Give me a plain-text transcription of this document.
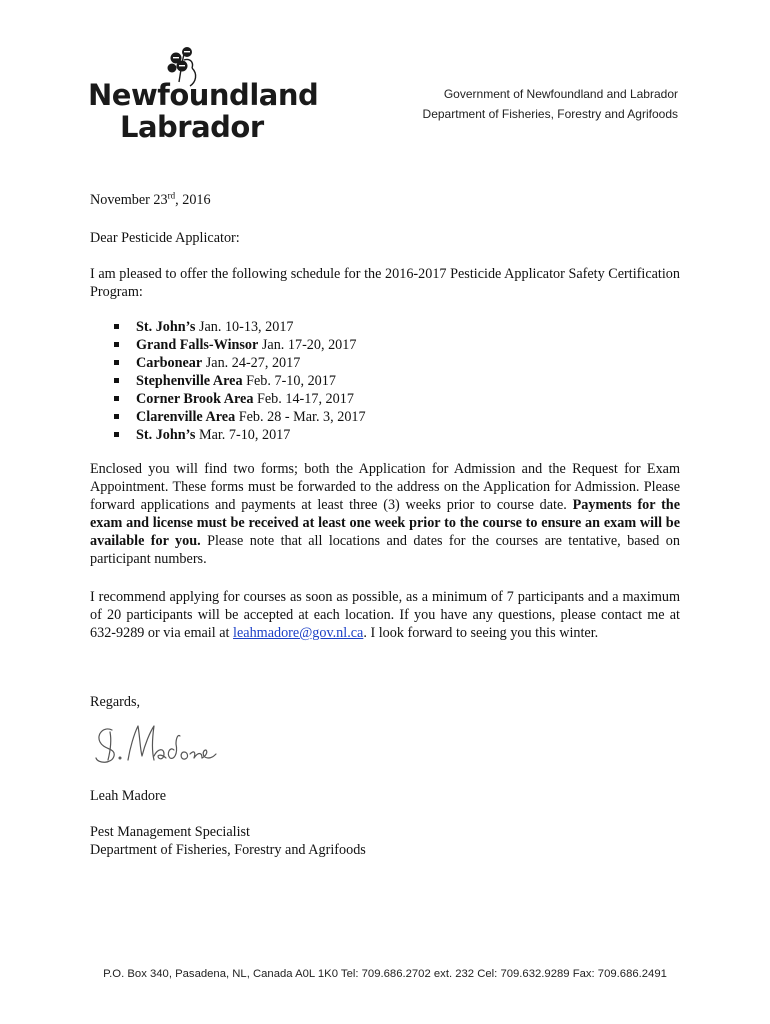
Newfoundland
Labrador
Government of Newfoundland and Labrador
Department of Fisheries, Forestry and Agrifoods
November 23rd, 2016
Dear Pesticide Applicator:
I am pleased to offer the following schedule for the 2016-2017 Pesticide Applicator Safety Certification Program:
St. John’s Jan. 10-13, 2017
Grand Falls-Winsor Jan. 17-20, 2017
Carbonear Jan. 24-27, 2017
Stephenville Area Feb. 7-10, 2017
Corner Brook Area Feb. 14-17, 2017
Clarenville Area Feb. 28 - Mar. 3, 2017
St. John’s Mar. 7-10, 2017
Enclosed you will find two forms; both the Application for Admission and the Request for Exam Appointment. These forms must be forwarded to the address on the Application for Admission. Please forward applications and payments at least three (3) weeks prior to course date. Payments for the exam and license must be received at least one week prior to the course to ensure an exam will be available for you. Please note that all locations and dates for the courses are tentative, based on participant numbers.
I recommend applying for courses as soon as possible, as a minimum of 7 participants and a maximum of 20 participants will be accepted at each location. If you have any questions, please contact me at 632-9289 or via email at leahmadore@gov.nl.ca. I look forward to seeing you this winter.
Regards,
Leah Madore
Pest Management Specialist
Department of Fisheries, Forestry and Agrifoods
P.O. Box 340, Pasadena, NL, Canada A0L 1K0 Tel: 709.686.2702 ext. 232 Cel: 709.632.9289 Fax: 709.686.2491
